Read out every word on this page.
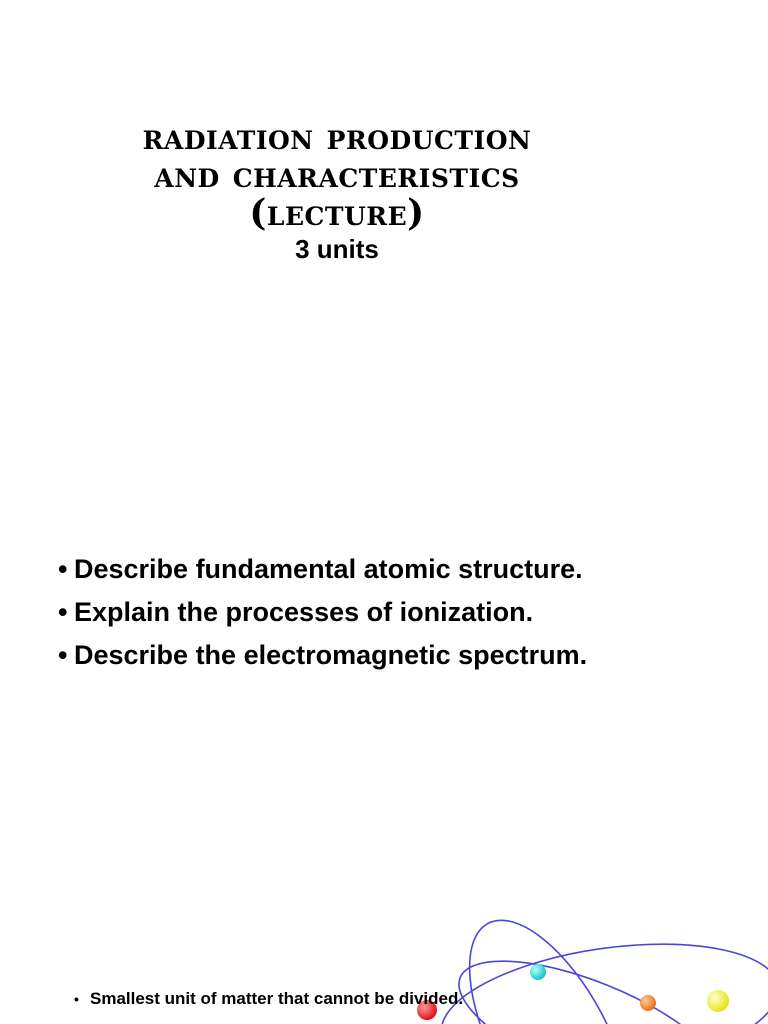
radiation production

and characteristics

(lecture)

3 units

• Describe fundamental atomic structure.
• Explain the processes of ionization.
• Describe the electromagnetic spectrum.
• Smallest unit of matter that cannot be divided.
